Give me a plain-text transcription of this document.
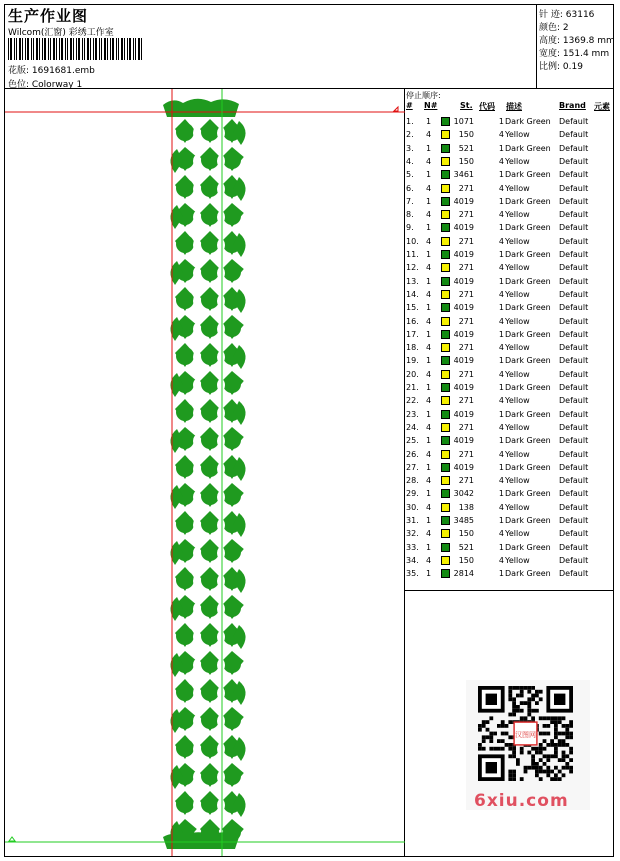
生产作业图
Wilcom(汇窗) 彩绣工作室
花版: 1691681.emb
色位: Colorway 1
针 迹: 63116
颜色: 2
高度: 1369.8 mm
宽度: 151.4 mm
比例: 0.19
停止顺序:
# N#	St. 代码 描述	Brand 元素
1. 1	1071	1 Dark Green Default
2. 4	150	4 Yellow	Default
3. 1	521	1 Dark Green Default
4. 4	150	4 Yellow	Default
5. 1	3461	1 Dark Green Default
6. 4	271	4 Yellow	Default
7. 1	4019	1 Dark Green Default
8. 4	271	4 Yellow	Default
9. 1	4019	1 Dark Green Default
10. 4	271	4 Yellow	Default
11. 1	4019	1 Dark Green Default
12. 4	271	4 Yellow	Default
13. 1	4019	1 Dark Green Default
14. 4	271	4 Yellow	Default
15. 1	4019	1 Dark Green Default
16. 4	271	4 Yellow	Default
17. 1	4019	1 Dark Green Default
18. 4	271	4 Yellow	Default
19. 1	4019	1 Dark Green Default
20. 4	271	4 Yellow	Default
21. 1	4019	1 Dark Green Default
22. 4	271	4 Yellow	Default
23. 1	4019	1 Dark Green Default
24. 4	271	4 Yellow	Default
25. 1	4019	1 Dark Green Default
26. 4	271	4 Yellow	Default
27. 1	4019	1 Dark Green Default
28. 4	271	4 Yellow	Default
29. 1	3042	1 Dark Green Default
30. 4	138	4 Yellow	Default
31. 1	3485	1 Dark Green Default
32. 4	150	4 Yellow	Default
33. 1	521	1 Dark Green Default
34. 4	150	4 Yellow	Default
35. 1	2814	1 Dark Green Default
汉图网
6xiu.com
